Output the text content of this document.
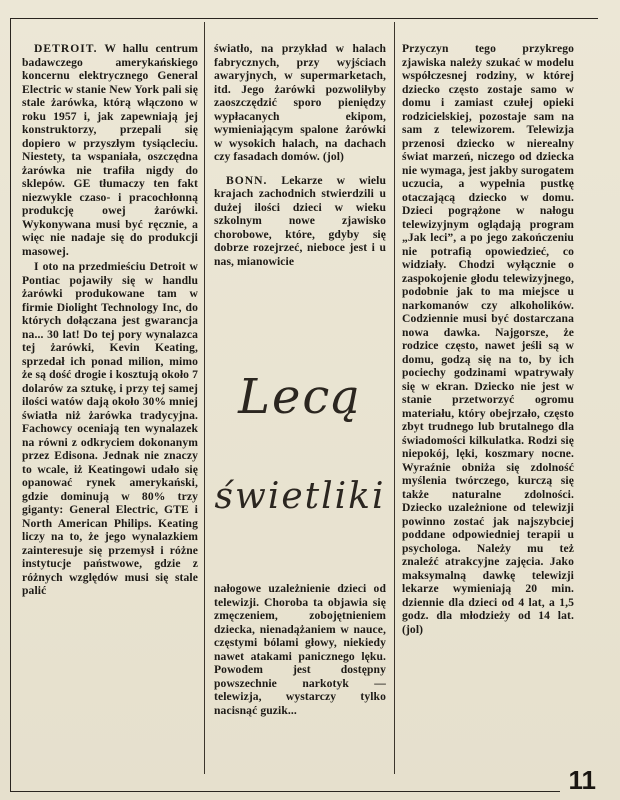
DETROIT. W hallu centrum badawczego amerykańskiego koncernu elektrycznego General Electric w stanie New York pali się stale żarówka, którą włączono w roku 1957 i, jak zapewniają jej konstruktorzy, przepali się dopiero w przyszłym tysiącleciu. Niestety, ta wspaniała, oszczędna żarówka nie trafiła nigdy do sklepów. GE tłumaczy ten fakt niezwykle czaso- i pracochłonną produkcję owej żarówki. Wykonywana musi być ręcznie, a więc nie nadaje się do produkcji masowej.

I oto na przedmieściu Detroit w Pontiac pojawiły się w handlu żarówki produkowane tam w firmie Diolight Technology Inc, do których dołączana jest gwarancja na... 30 lat! Do tej pory wynalazca tej żarówki, Kevin Keating, sprzedał ich ponad milion, mimo że są dość drogie i kosztują około 7 dolarów za sztukę, i przy tej samej ilości watów dają około 30% mniej światła niż żarówka tradycyjna. Fachowcy oceniają ten wynalazek na równi z odkryciem dokonanym przez Edisona. Jednak nie znaczy to wcale, iż Keatingowi udało się opanować rynek amerykański, gdzie dominują w 80% trzy giganty: General Electric, GTE i North American Philips. Keating liczy na to, że jego wynalazkiem zainteresuje się przemysł i różne instytucje państwowe, gdzie z różnych względów musi się stale palić

światło, na przykład w halach fabrycznych, przy wyjściach awaryjnych, w supermarketach, itd. Jego żarówki pozwoliłyby zaoszczędzić sporo pieniędzy wypłacanych ekipom, wymieniającym spalone żarówki w wysokich halach, na dachach czy fasadach domów. (jol)

BONN. Lekarze w wielu krajach zachodnich stwierdzili u dużej ilości dzieci w wieku szkolnym nowe zjawisko chorobowe, które, gdyby się dobrze rozejrzeć, nieboce jest i u nas, mianowicie

Lecą
świetliki

nałogowe uzależnienie dzieci od telewizji. Choroba ta objawia się zmęczeniem, zobojętnieniem dziecka, nienadążaniem w nauce, częstymi bólami głowy, niekiedy nawet atakami panicznego lęku. Powodem jest dostępny powszechnie narkotyk — telewizja, wystarczy tylko nacisnąć guzik...

Przyczyn tego przykrego zjawiska należy szukać w modelu współczesnej rodziny, w której dziecko często zostaje samo w domu i zamiast czułej opieki rodzicielskiej, pozostaje sam na sam z telewizorem. Telewizja przenosi dziecko w nierealny świat marzeń, niczego od dziecka nie wymaga, jest jakby surogatem uczucia, a wypełnia pustkę otaczającą dziecko w domu. Dzieci pogrążone w nałogu telewizyjnym oglądają program „Jak leci”, a po jego zakończeniu nie potrafią opowiedzieć, co widziały. Chodzi wyłącznie o zaspokojenie głodu telewizyjnego, podobnie jak to ma miejsce u narkomanów czy alkoholików. Codziennie musi być dostarczana nowa dawka. Najgorsze, że rodzice często, nawet jeśli są w domu, godzą się na to, by ich pociechy godzinami wpatrywały się w ekran. Dziecko nie jest w stanie przetworzyć ogromu materiału, który obejrzało, często zbyt trudnego lub brutalnego dla świadomości kilkulatka. Rodzi się niepokój, lęki, koszmary nocne. Wyraźnie obniża się zdolność myślenia twórczego, kurczą się także naturalne zdolności. Dziecko uzależnione od telewizji powinno zostać jak najszybciej poddane odpowiedniej terapii u psychologa. Należy mu też znaleźć atrakcyjne zajęcia. Jako maksymalną dawkę telewizji lekarze wymieniają 20 min. dziennie dla dzieci od 4 lat, a 1,5 godz. dla młodzieży od 14 lat. (jol)

11
